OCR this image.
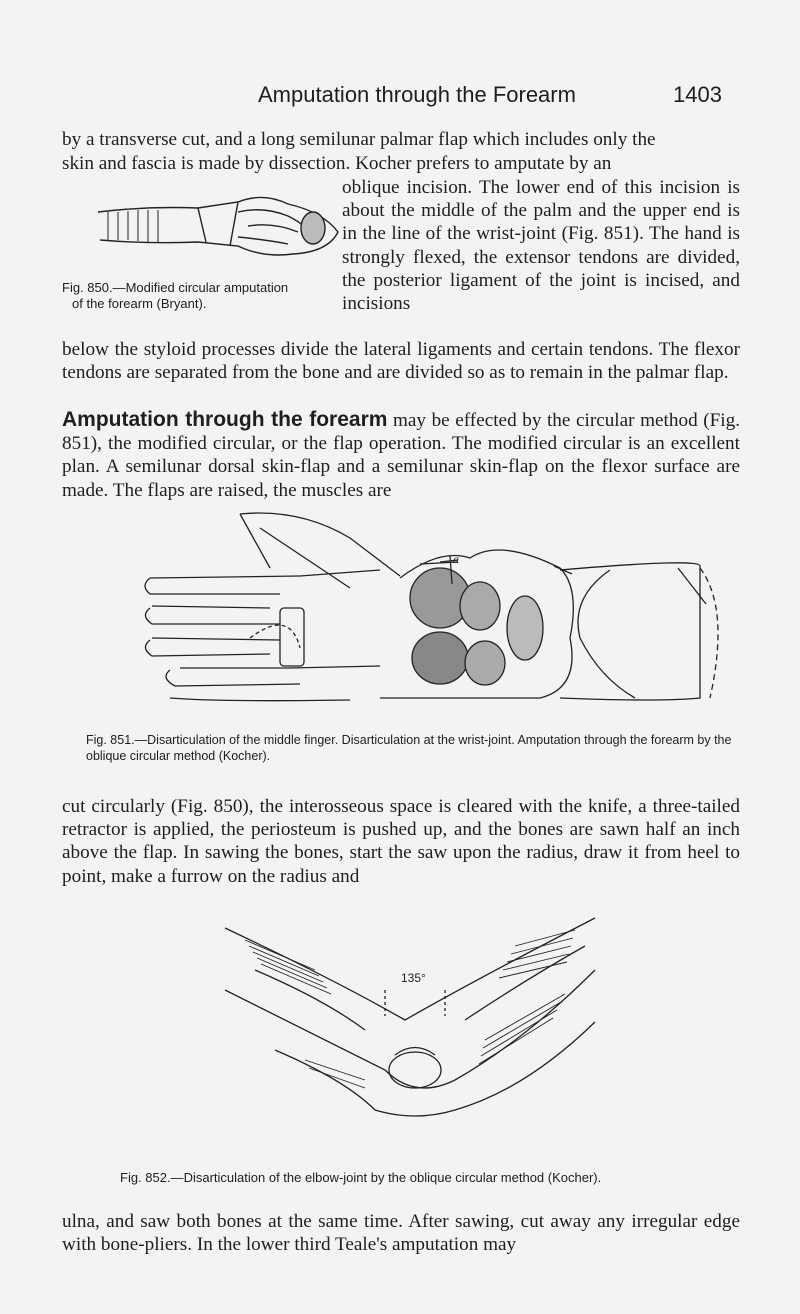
Amputation through the Forearm	1403

by a transverse cut, and a long semilunar palmar flap which includes only the

skin and fascia is made by dissection. Kocher prefers to amputate by an

Fig. 850.—Modified circular amputation
of the forearm (Bryant).

oblique incision. The lower end of this incision is about the middle of the palm and the upper end is in the line of the wrist-joint (Fig. 851). The hand is strongly flexed, the extensor tendons are divided, the posterior ligament of the joint is incised, and incisions

below the styloid processes divide the lateral ligaments and certain tendons. The flexor tendons are separated from the bone and are divided so as to remain in the palmar flap.

Amputation through the forearm may be effected by the circular method (Fig. 851), the modified circular, or the flap operation. The modified circular is an excellent plan. A semilunar dorsal skin-flap and a semilunar skin-flap on the flexor surface are made. The flaps are raised, the muscles are

a
Fig. 851.—Disarticulation of the middle finger. Disarticulation at the wrist-joint. Amputation through the forearm by the oblique circular method (Kocher).

cut circularly (Fig. 850), the interosseous space is cleared with the knife, a three-tailed retractor is applied, the periosteum is pushed up, and the bones are sawn half an inch above the flap. In sawing the bones, start the saw upon the radius, draw it from heel to point, make a furrow on the radius and

135°
Fig. 852.—Disarticulation of the elbow-joint by the oblique circular method (Kocher).

ulna, and saw both bones at the same time. After sawing, cut away any irregular edge with bone-pliers. In the lower third Teale's amputation may
